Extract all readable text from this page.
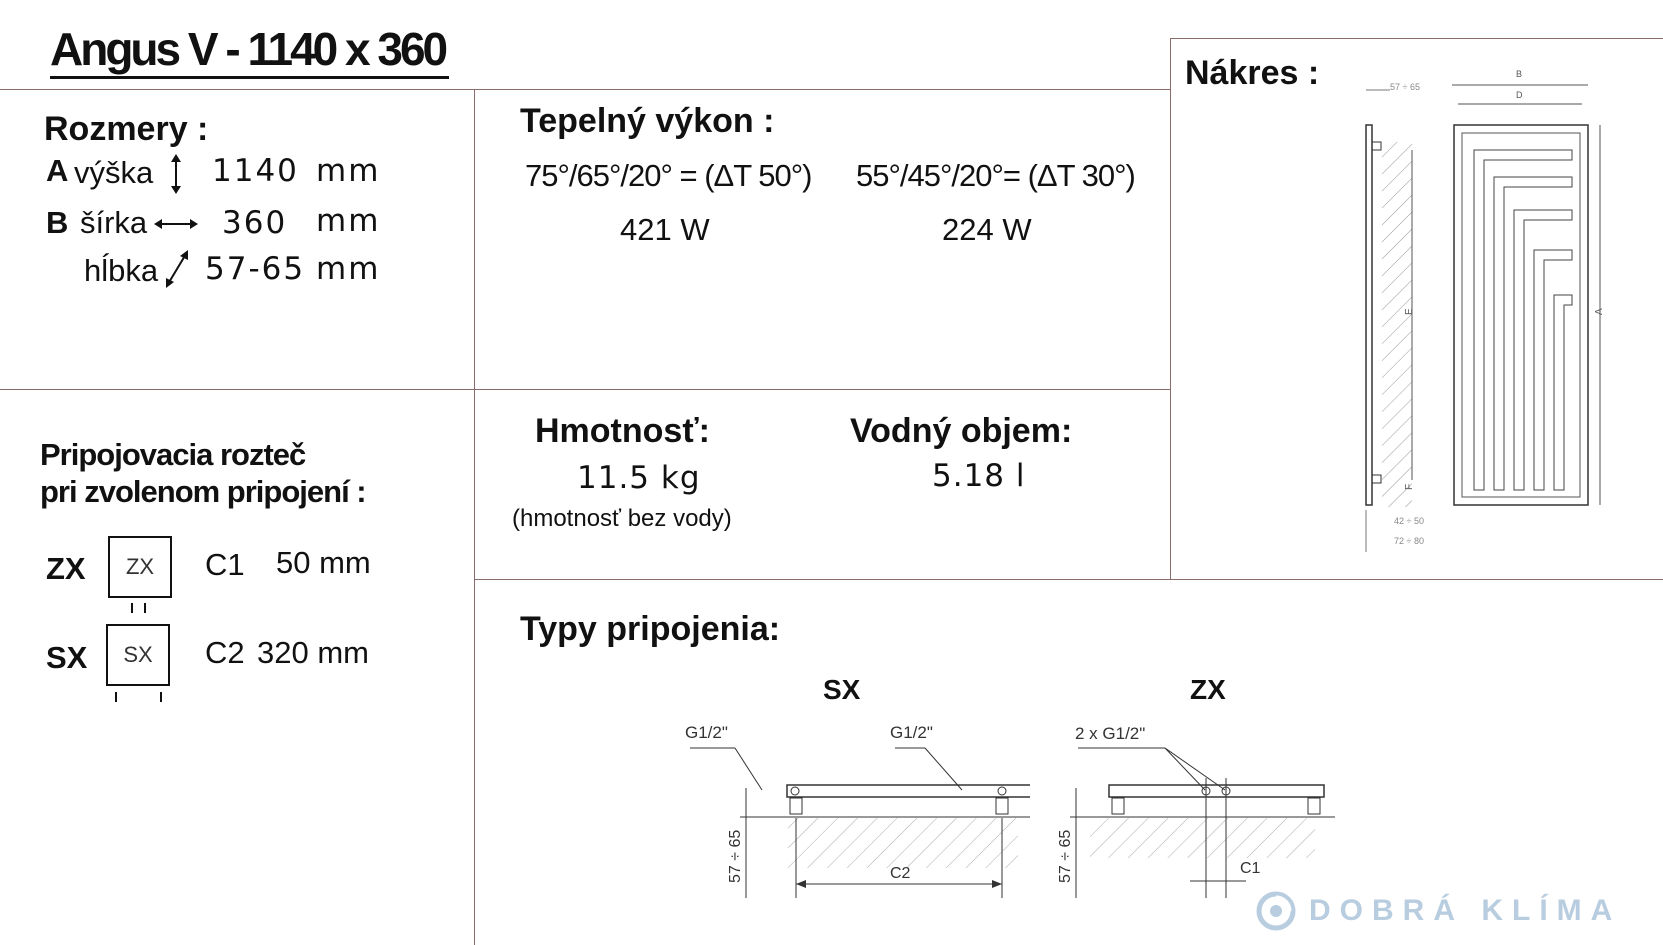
Angus V - 1140 x 360
Rozmery :
A výška 1140 mm
B šírka 360 mm
hĺbka 57-65 mm
Tepelný výkon :
75°/65°/20° = (ΔT 50°) 55°/45°/20°= (ΔT 30°)
421 W	224 W
Hmotnosť:
11.5 kg
(hmotnosť bez vody)
Vodný objem:
5.18 l
Pripojovacia rozteč
pri zvolenom pripojení :
ZX ZX C1 50 mm
SX SX C2 320 mm
Nákres :	57 ÷ 65
E
F
42 ÷ 50
72 ÷ 80
B
D
A
Typy pripojenia:
SX	ZX
G1/2"	G1/2"
57 ÷ 65	C2
2 x G1/2"
57 ÷ 65	C1
DOBRÁ KLÍMA
